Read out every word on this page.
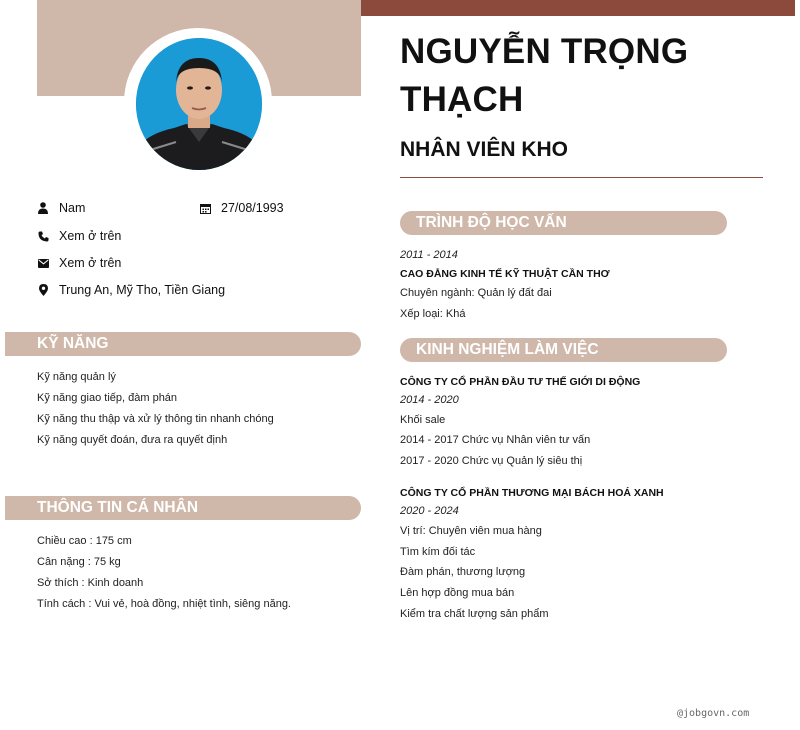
NGUYỄN TRỌNG THẠCH
NHÂN VIÊN KHO
Nam	27/08/1993
Xem ở trên
Xem ở trên
Trung An, Mỹ Tho, Tiền Giang
KỸ NĂNG
Kỹ năng quản lý
Kỹ năng giao tiếp, đàm phán
Kỹ năng thu thập và xử lý thông tin nhanh chóng
Kỹ năng quyết đoán, đưa ra quyết định
THÔNG TIN CÁ NHÂN
Chiều cao : 175 cm
Cân nặng : 75 kg
Sở thích : Kinh doanh
Tính cách : Vui vẻ, hoà đồng, nhiệt tình, siêng năng.
TRÌNH ĐỘ HỌC VẤN
2011 - 2014
CAO ĐẲNG KINH TẾ KỸ THUẬT CẦN THƠ
Chuyên ngành: Quản lý đất đai
Xếp loại: Khá
KINH NGHIỆM LÀM VIỆC
CÔNG TY CỔ PHẦN ĐẦU TƯ THẾ GIỚI DI ĐỘNG
2014 - 2020
Khối sale
2014 - 2017 Chức vụ Nhân viên tư vấn
2017 - 2020 Chức vụ Quản lý siêu thị
CÔNG TY CỔ PHẦN THƯƠNG MẠI BÁCH HOÁ XANH
2020 - 2024
Vị trí: Chuyên viên mua hàng
Tìm kím đối tác
Đàm phán, thương lượng
Lên hợp đồng mua bán
Kiểm tra chất lượng sản phẩm
@jobgovn.com
